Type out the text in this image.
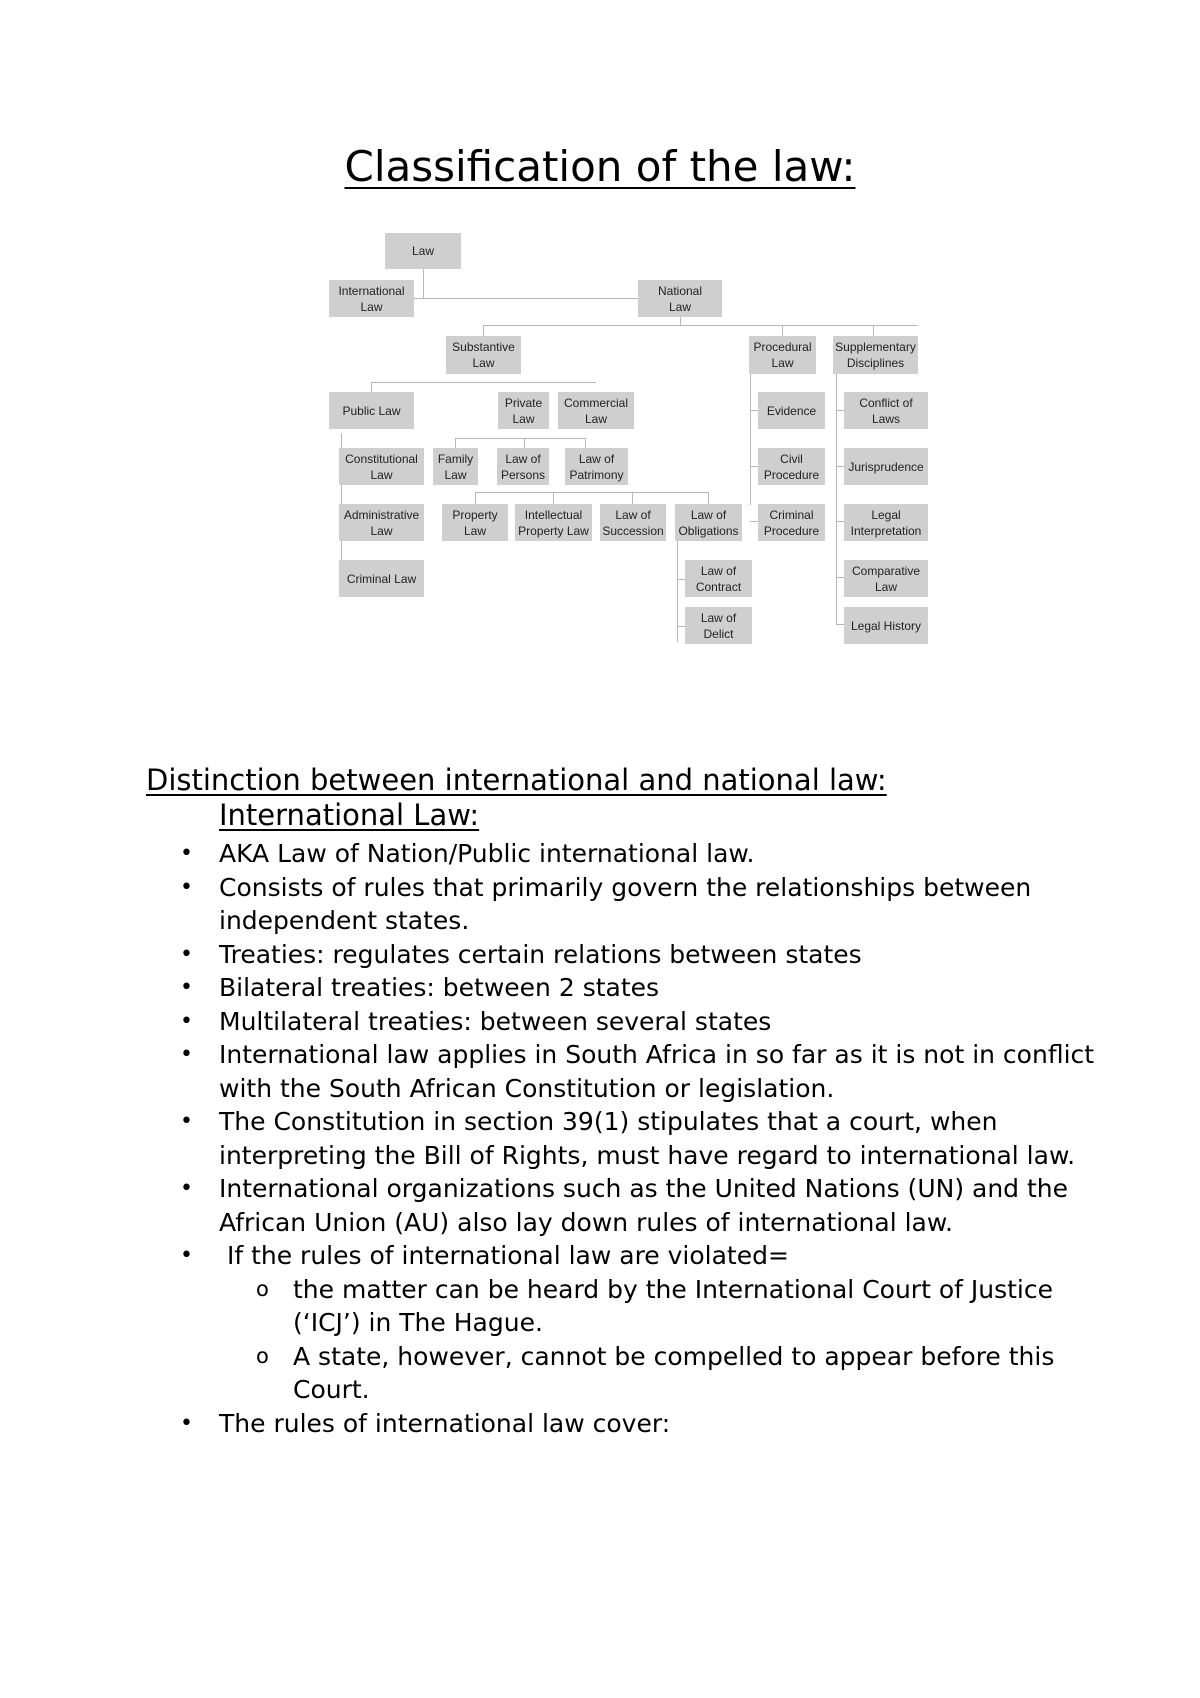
Classification of the law:
Law
International
Law
National
Law
Substantive
Law
Procedural
Law
Supplementary
Disciplines
Public Law
Private
Law
Commercial
Law
Evidence
Conflict of
Laws
Constitutional
Law
Family
Law
Law of
Persons
Law of
Patrimony
Civil
Procedure
Jurisprudence
Administrative
Law
Property
Law
Intellectual
Property Law
Law of
Succession
Law of
Obligations
Criminal
Procedure
Legal
Interpretation
Criminal Law
Law of
Contract
Comparative
Law
Law of
Delict
Legal History
Distinction between international and national law:
International Law:
• AKA Law of Nation/Public international law.
• Consists of rules that primarily govern the relationships between independent states.
• Treaties: regulates certain relations between states
• Bilateral treaties: between 2 states
• Multilateral treaties: between several states
• International law applies in South Africa in so far as it is not in conflict with the South African Constitution or legislation.
• The Constitution in section 39(1) stipulates that a court, when interpreting the Bill of Rights, must have regard to international law.
• International organizations such as the United Nations (UN) and the African Union (AU) also lay down rules of international law.
•  If the rules of international law are violated=
o the matter can be heard by the International Court of Justice (‘ICJ’) in The Hague.
o A state, however, cannot be compelled to appear before this Court.
• The rules of international law cover:
